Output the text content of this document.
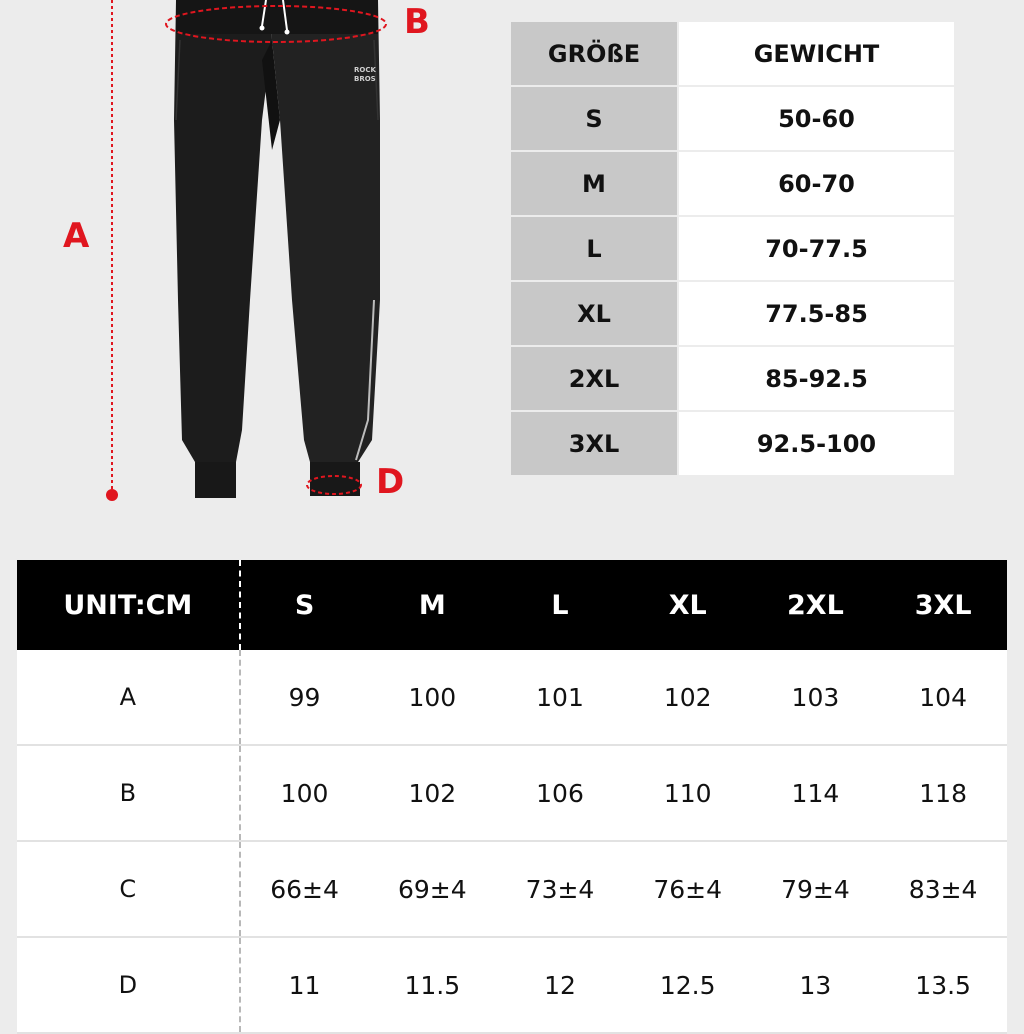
ROCK
BROS
A
B
D
GRÖßE	GEWICHT
S	50-60
M	60-70
L	70-77.5
XL	77.5-85
2XL	85-92.5
3XL	92.5-100
UNIT:CM	S	M	L	XL	2XL	3XL
A	99	100	101	102	103	104
B	100	102	106	110	114	118
C	66±4	69±4	73±4	76±4	79±4	83±4
D	11	11.5	12	12.5	13	13.5
